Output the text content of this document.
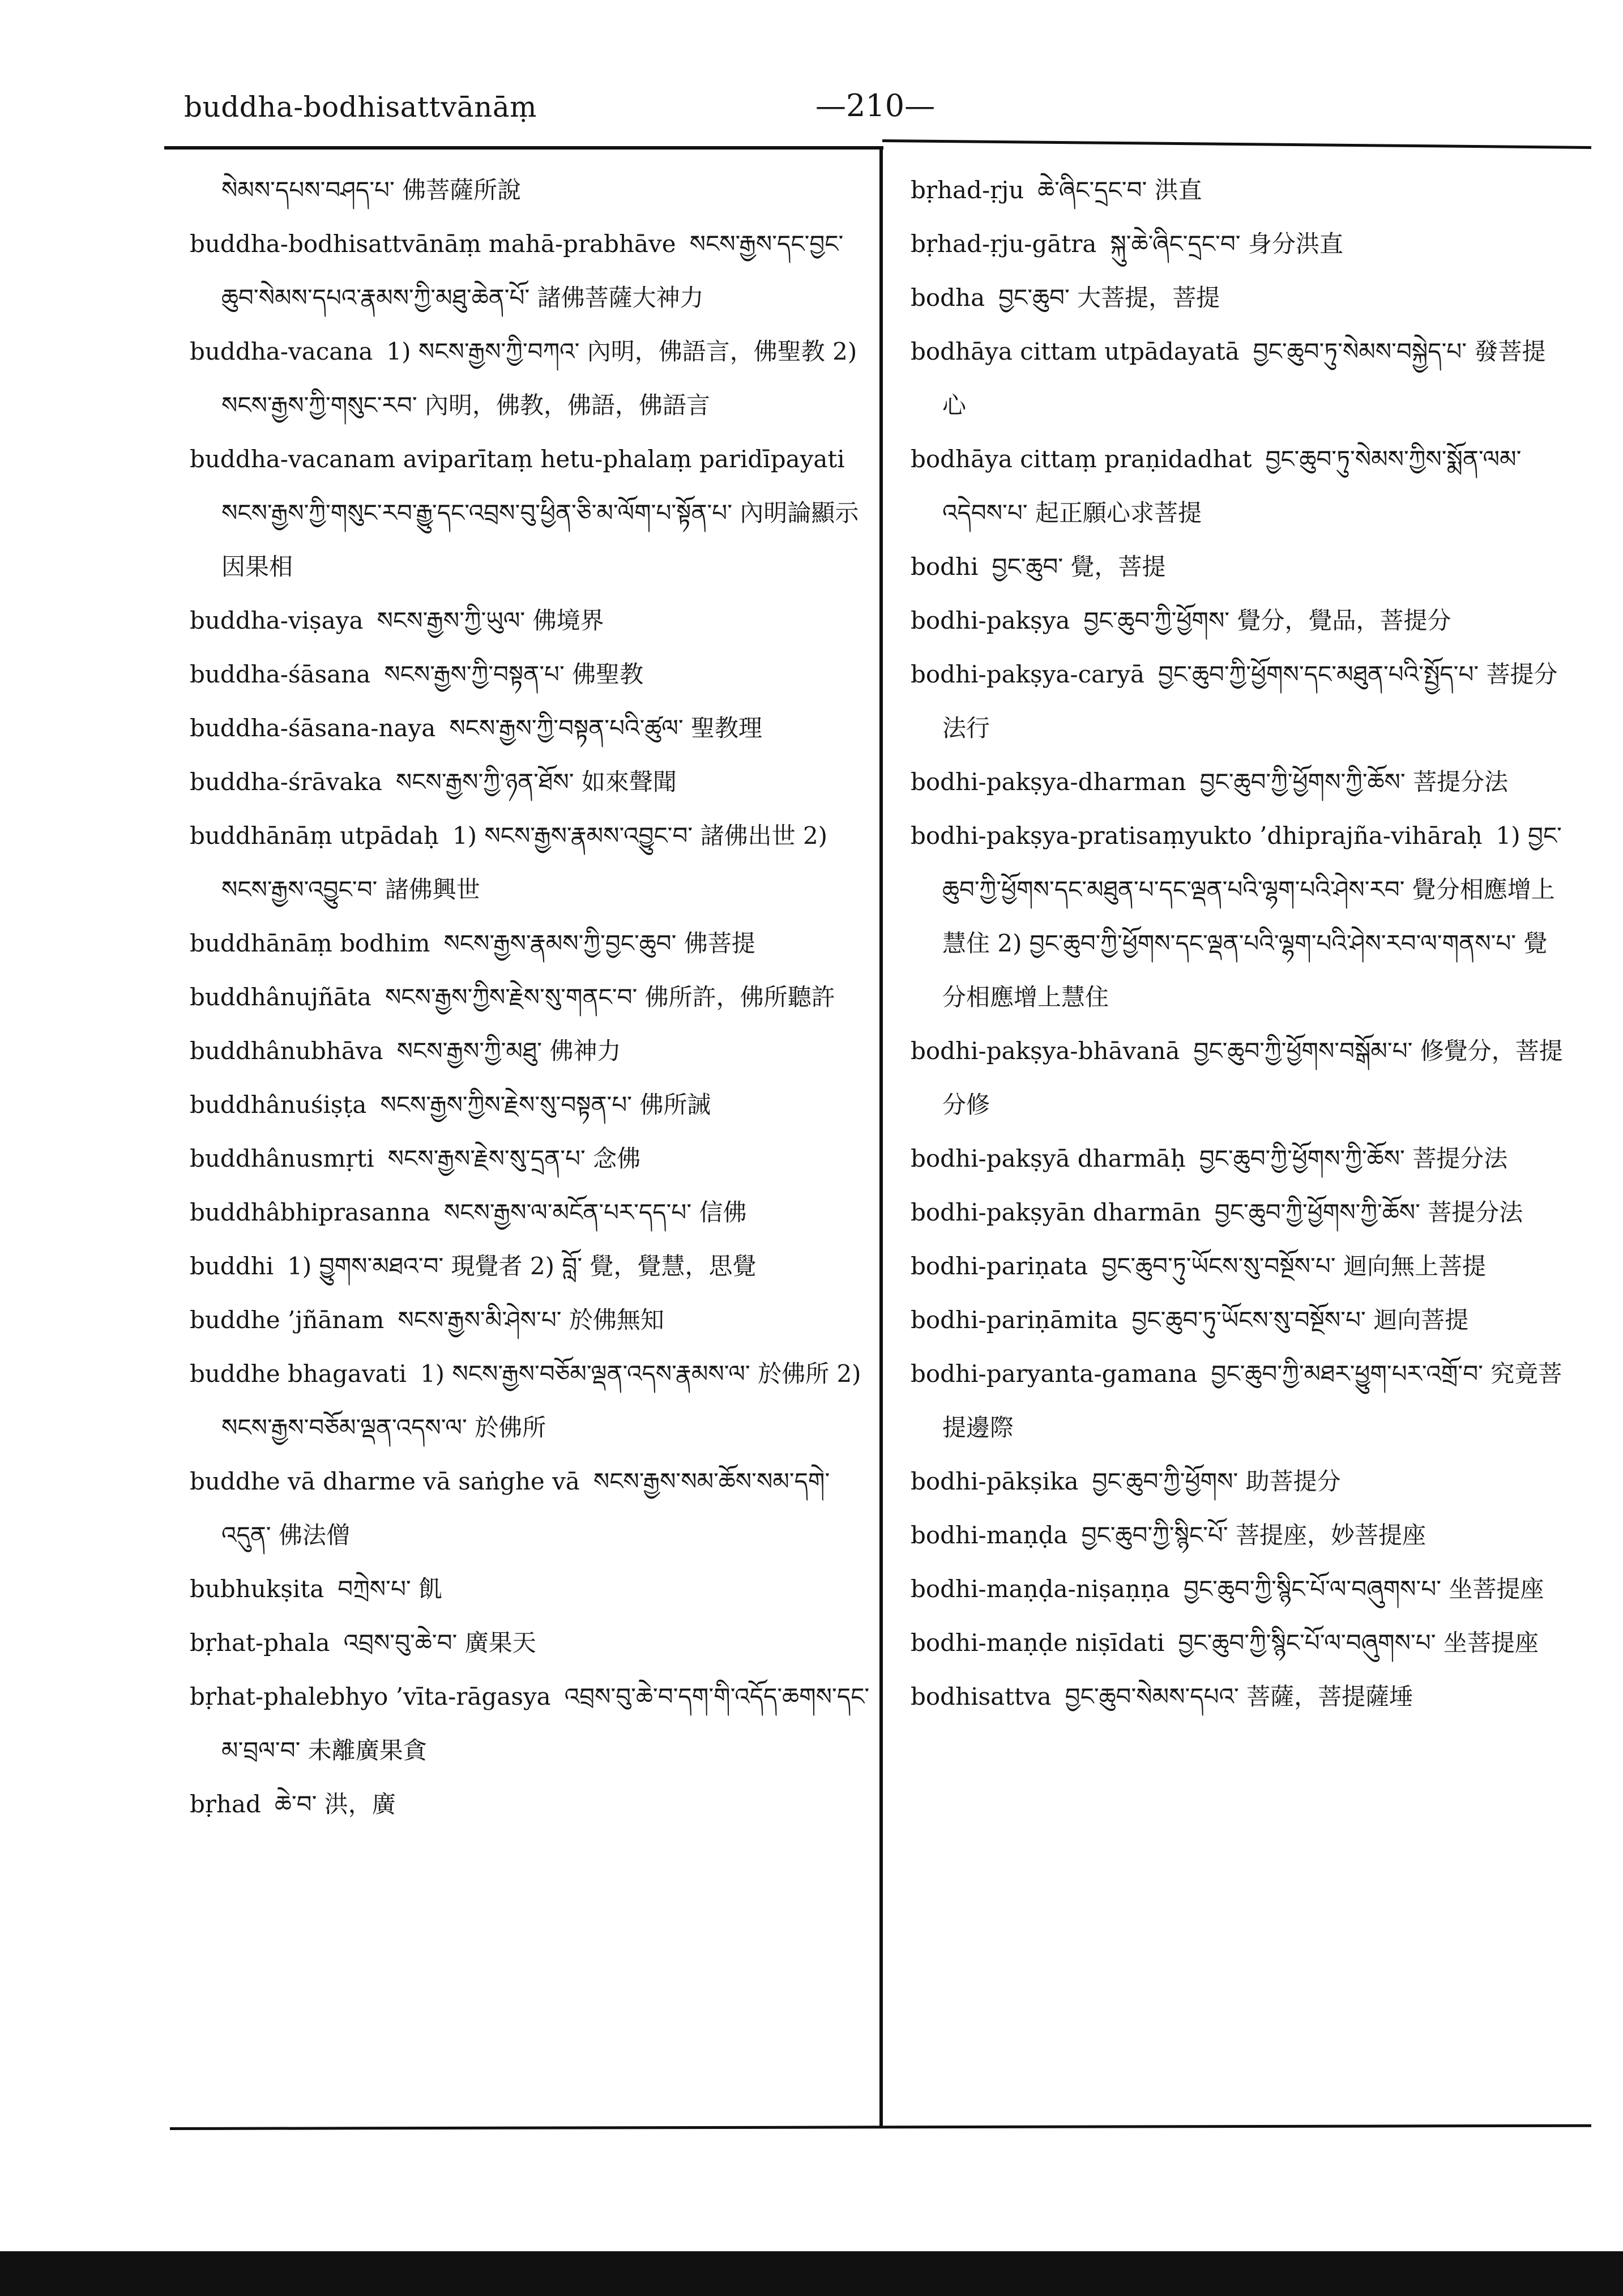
buddha-bodhisattvānāṃ	—210—

སེམས་དཔས་བཤད་པ་ 佛菩薩所說

buddha-bodhisattvānāṃ mahā-prabhāve སངས་རྒྱས་དང་བྱང་ཆུབ་སེམས་དཔའ་རྣམས་ཀྱི་མཐུ་ཆེན་པོ་ 諸佛菩薩大神力

buddha-vacana 1) སངས་རྒྱས་ཀྱི་བཀའ་ 內明，佛語言，佛聖教 2) སངས་རྒྱས་ཀྱི་གསུང་རབ་ 內明，佛教，佛語，佛語言

buddha-vacanam aviparītaṃ hetu-phalaṃ paridīpayatiསངས་རྒྱས་ཀྱི་གསུང་རབ་རྒྱུ་དང་འབྲས་བུ་ཕྱིན་ཅི་མ་ལོག་པ་སྟོན་པ་ 內明論顯示因果相

buddha-viṣaya སངས་རྒྱས་ཀྱི་ཡུལ་ 佛境界

buddha-śāsana སངས་རྒྱས་ཀྱི་བསྟན་པ་ 佛聖教

buddha-śāsana-naya སངས་རྒྱས་ཀྱི་བསྟན་པའི་ཚུལ་ 聖教理

buddha-śrāvaka སངས་རྒྱས་ཀྱི་ཉན་ཐོས་ 如來聲聞

buddhānāṃ utpādaḥ 1) སངས་རྒྱས་རྣམས་འབྱུང་བ་ 諸佛出世 2) སངས་རྒྱས་འབྱུང་བ་ 諸佛興世

buddhānāṃ bodhim སངས་རྒྱས་རྣམས་ཀྱི་བྱང་ཆུབ་ 佛菩提

buddhânujñāta སངས་རྒྱས་ཀྱིས་རྗེས་སུ་གནང་བ་ 佛所許，佛所聽許

buddhânubhāva སངས་རྒྱས་ཀྱི་མཐུ་ 佛神力

buddhânuśiṣṭa སངས་རྒྱས་ཀྱིས་རྗེས་སུ་བསྟན་པ་ 佛所誡

buddhânusmṛti སངས་རྒྱས་རྗེས་སུ་དྲན་པ་ 念佛

buddhâbhiprasanna སངས་རྒྱས་ལ་མངོན་པར་དད་པ་ 信佛

buddhi 1) བྱུགས་མཐའ་བ་ 現覺者 2) བློ་ 覺，覺慧，思覺

buddhe ’jñānam སངས་རྒྱས་མི་ཤེས་པ་ 於佛無知

buddhe bhagavati 1) སངས་རྒྱས་བཅོམ་ལྡན་འདས་རྣམས་ལ་ 於佛所 2) སངས་རྒྱས་བཅོམ་ལྡན་འདས་ལ་ 於佛所

buddhe vā dharme vā saṅghe vā སངས་རྒྱས་སམ་ཆོས་སམ་དགེ་འདུན་ 佛法僧

bubhukṣita བཀྲེས་པ་ 飢

bṛhat-phala འབྲས་བུ་ཆེ་བ་ 廣果天

bṛhat-phalebhyo ’vīta-rāgasya འབྲས་བུ་ཆེ་བ་དག་གི་འདོད་ཆགས་དང་མ་བྲལ་བ་ 未離廣果貪

bṛhad ཆེ་བ་ 洪，廣

bṛhad-ṛju ཆེ་ཞིང་དྲང་བ་ 洪直

bṛhad-ṛju-gātra སྐུ་ཆེ་ཞིང་དྲང་བ་ 身分洪直

bodha བྱང་ཆུབ་ 大菩提，菩提

bodhāya cittam utpādayatā བྱང་ཆུབ་ཏུ་སེམས་བསྐྱེད་པ་ 發菩提心

bodhāya cittaṃ praṇidadhat བྱང་ཆུབ་ཏུ་སེམས་ཀྱིས་སྨོན་ལམ་འདེབས་པ་ 起正願心求菩提

bodhi བྱང་ཆུབ་ 覺，菩提

bodhi-pakṣya བྱང་ཆུབ་ཀྱི་ཕྱོགས་ 覺分，覺品，菩提分

bodhi-pakṣya-caryā བྱང་ཆུབ་ཀྱི་ཕྱོགས་དང་མཐུན་པའི་སྤྱོད་པ་ 菩提分法行

bodhi-pakṣya-dharman བྱང་ཆུབ་ཀྱི་ཕྱོགས་ཀྱི་ཆོས་ 菩提分法

bodhi-pakṣya-pratisaṃyukto ’dhiprajña-vihāraḥ 1) བྱང་ཆུབ་ཀྱི་ཕྱོགས་དང་མཐུན་པ་དང་ལྡན་པའི་ལྷག་པའི་ཤེས་རབ་ 覺分相應增上慧住 2) བྱང་ཆུབ་ཀྱི་ཕྱོགས་དང་ལྡན་པའི་ལྷག་པའི་ཤེས་རབ་ལ་གནས་པ་ 覺分相應增上慧住

bodhi-pakṣya-bhāvanā བྱང་ཆུབ་ཀྱི་ཕྱོགས་བསྒོམ་པ་ 修覺分，菩提分修

bodhi-pakṣyā dharmāḥ བྱང་ཆུབ་ཀྱི་ཕྱོགས་ཀྱི་ཆོས་ 菩提分法

bodhi-pakṣyān dharmān བྱང་ཆུབ་ཀྱི་ཕྱོགས་ཀྱི་ཆོས་ 菩提分法

bodhi-pariṇata བྱང་ཆུབ་ཏུ་ཡོངས་སུ་བསྔོས་པ་ 迴向無上菩提

bodhi-pariṇāmita བྱང་ཆུབ་ཏུ་ཡོངས་སུ་བསྔོས་པ་ 迴向菩提

bodhi-paryanta-gamana བྱང་ཆུབ་ཀྱི་མཐར་ཕྱུག་པར་འགྲོ་བ་ 究竟菩提邊際

bodhi-pākṣika བྱང་ཆུབ་ཀྱི་ཕྱོགས་ 助菩提分

bodhi-maṇḍa བྱང་ཆུབ་ཀྱི་སྙིང་པོ་ 菩提座，妙菩提座

bodhi-maṇḍa-niṣaṇṇa བྱང་ཆུབ་ཀྱི་སྙིང་པོ་ལ་བཞུགས་པ་ 坐菩提座

bodhi-maṇḍe niṣīdati བྱང་ཆུབ་ཀྱི་སྙིང་པོ་ལ་བཞུགས་པ་ 坐菩提座

bodhisattva བྱང་ཆུབ་སེམས་དཔའ་ 菩薩，菩提薩埵
